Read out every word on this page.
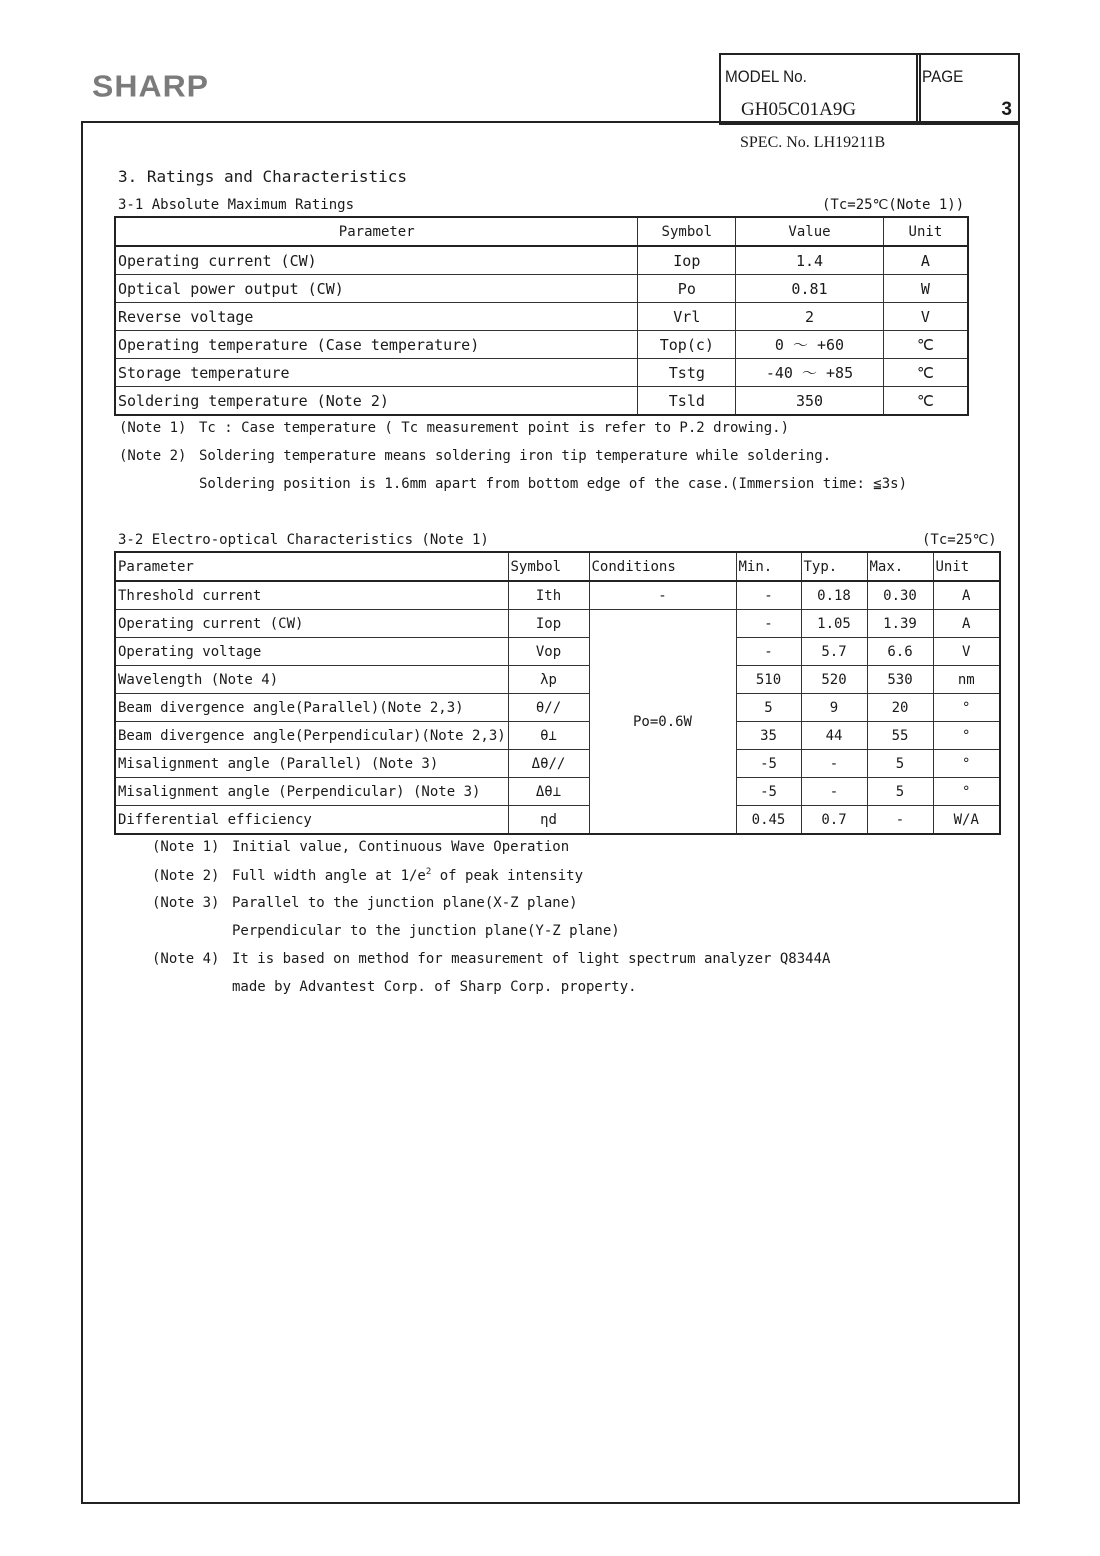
SHARP	MODEL No.
GH05C01A9G
PAGE
3
SPEC. No. LH19211B
3. Ratings and Characteristics
3-1 Absolute Maximum Ratings	(Tc=25℃(Note 1))
Parameter	Symbol	Value	Unit
Operating current (CW)	Iop	1.4	A
Optical power output (CW)	Po	0.81	W
Reverse voltage	Vrl	2	V
Operating temperature (Case temperature)	Top(c)	0 ～ +60	℃
Storage temperature	Tstg	-40 ～ +85	℃
Soldering temperature (Note 2)	Tsld	350	℃
(Note 1) Tc : Case temperature ( Tc measurement point is refer to P.2 drowing.)
(Note 2) Soldering temperature means soldering iron tip temperature while soldering.
Soldering position is 1.6mm apart from bottom edge of the case.(Immersion time: ≦3s)
3-2 Electro-optical Characteristics (Note 1)	(Tc=25℃)
Parameter	Symbol	Conditions	Min.	Typ.	Max.	Unit
Threshold current	Ith	-	-	0.18	0.30	A
Operating current (CW)	Iop	Po=0.6W	-	1.05	1.39	A
Operating voltage	Vop		-	5.7	6.6	V
Wavelength (Note 4)	λp		510	520	530	nm
Beam divergence angle(Parallel)(Note 2,3)	θ//		5	9	20	°
Beam divergence angle(Perpendicular)(Note 2,3)	θ⊥		35	44	55	°
Misalignment angle (Parallel) (Note 3)	Δθ//		-5	-	5	°
Misalignment angle (Perpendicular) (Note 3)	Δθ⊥		-5	-	5	°
Differential efficiency	ηd		0.45	0.7	-	W/A
(Note 1) Initial value, Continuous Wave Operation
(Note 2) Full width angle at $1/e^2$ of peak intensity
(Note 3) Parallel to the junction plane(X-Z plane)
Perpendicular to the junction plane(Y-Z plane)
(Note 4) It is based on method for measurement of light spectrum analyzer Q8344A
made by Advantest Corp. of Sharp Corp. property.
